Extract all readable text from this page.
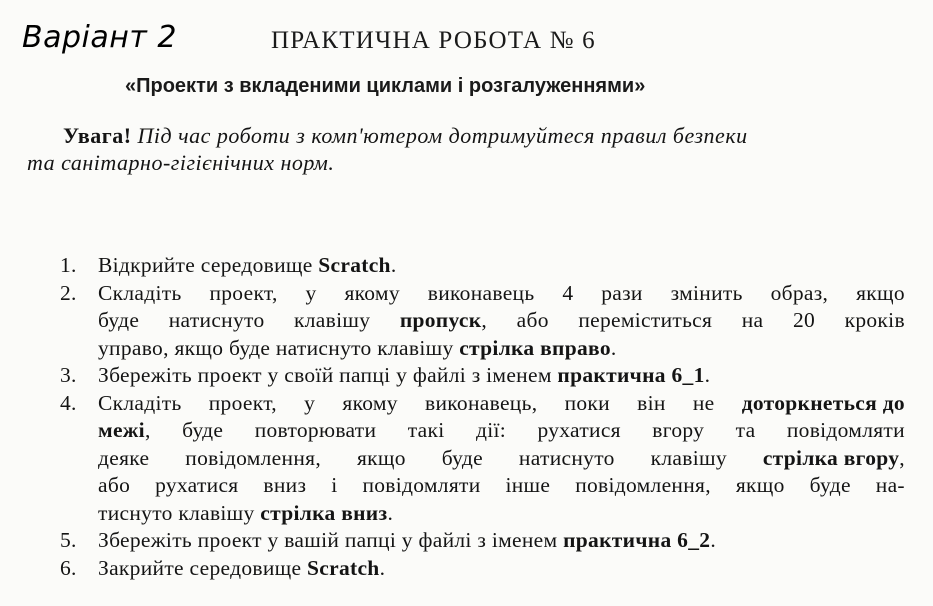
Варіант 2	ПРАКТИЧНА РОБОТА № 6
«Проекти з вкладеними циклами і розгалуженнями»
Увага! Під час роботи з комп'ютером дотримуйтеся правил безпеки
та санітарно-гігієнічних норм.
1. Відкрийте середовище Scratch.
2. Складіть проект, у якому виконавець 4 рази змінить образ, якщо
буде натиснуто клавішу пропуск, або переміститься на 20 кроків
управо, якщо буде натиснуто клавішу стрілка вправо.
3. Збережіть проект у своїй папці у файлі з іменем практична 6_1.
4. Складіть проект, у якому виконавець, поки він не доторкнеться до
межі, буде повторювати такі дії: рухатися вгору та повідомляти
деяке повідомлення, якщо буде натиснуто клавішу стрілка вгору,
або рухатися вниз і повідомляти інше повідомлення, якщо буде на-
тиснуто клавішу стрілка вниз.
5. Збережіть проект у вашій папці у файлі з іменем практична 6_2.
6. Закрийте середовище Scratch.
